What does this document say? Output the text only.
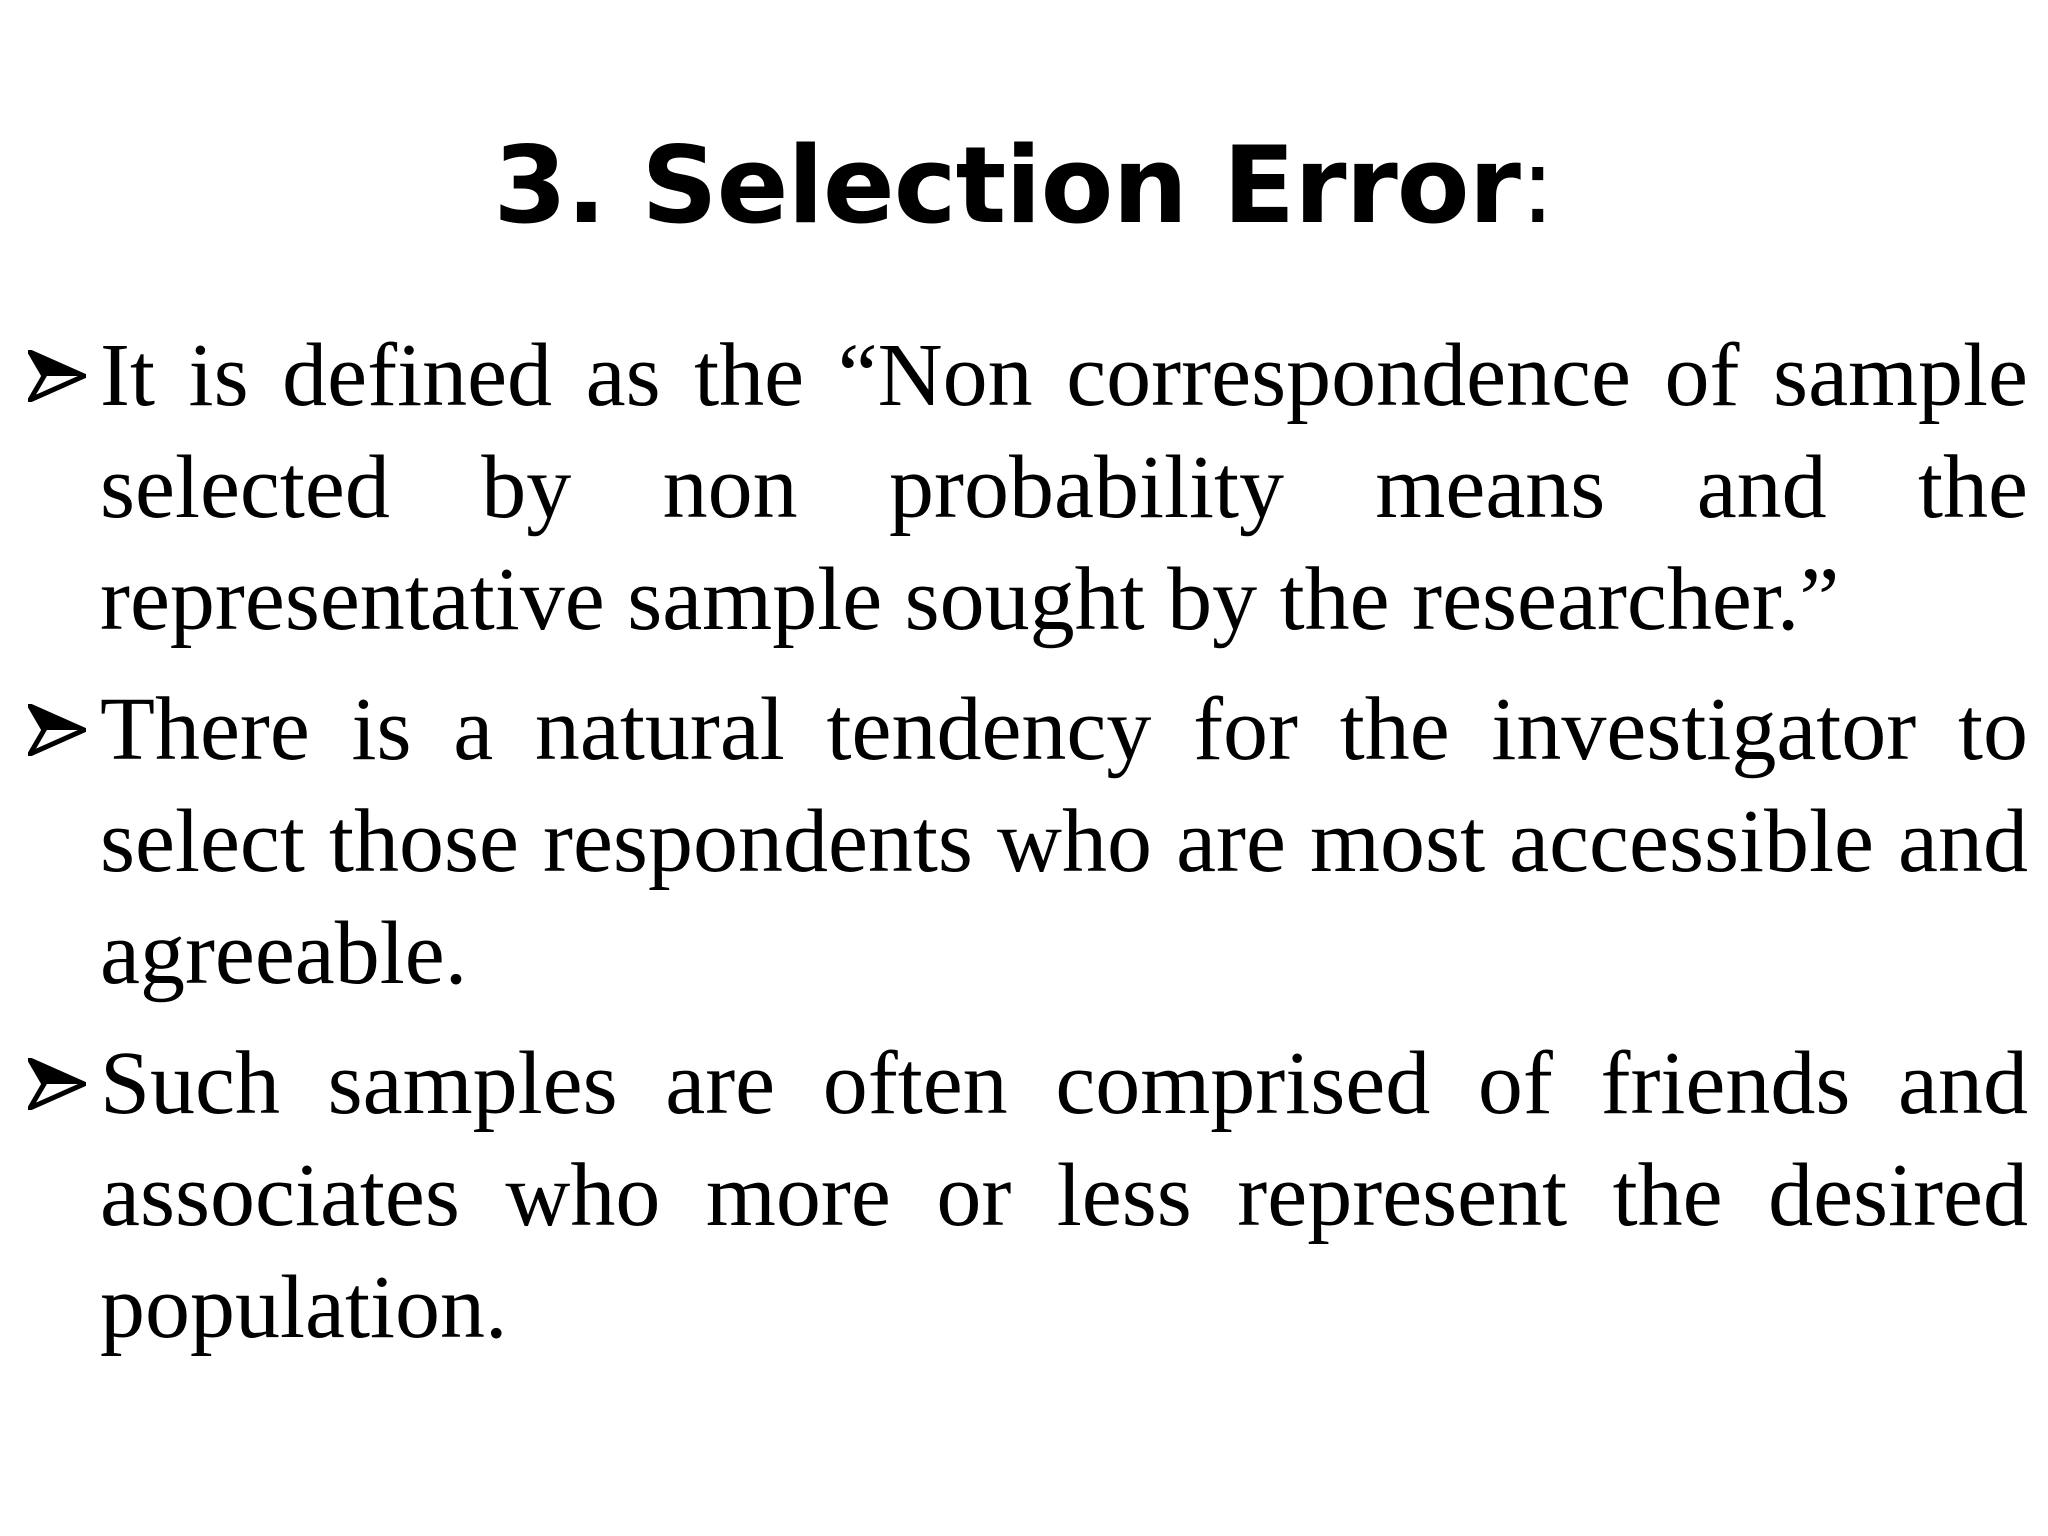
3. Selection Error:
It is defined as the “Non correspondence of sample selected by non probability means and the representative sample sought by the researcher.”
There is a natural tendency for the investigator to select those respondents who are most accessible and agreeable.
Such samples are often comprised of friends and associates who more or less represent the desired population.
